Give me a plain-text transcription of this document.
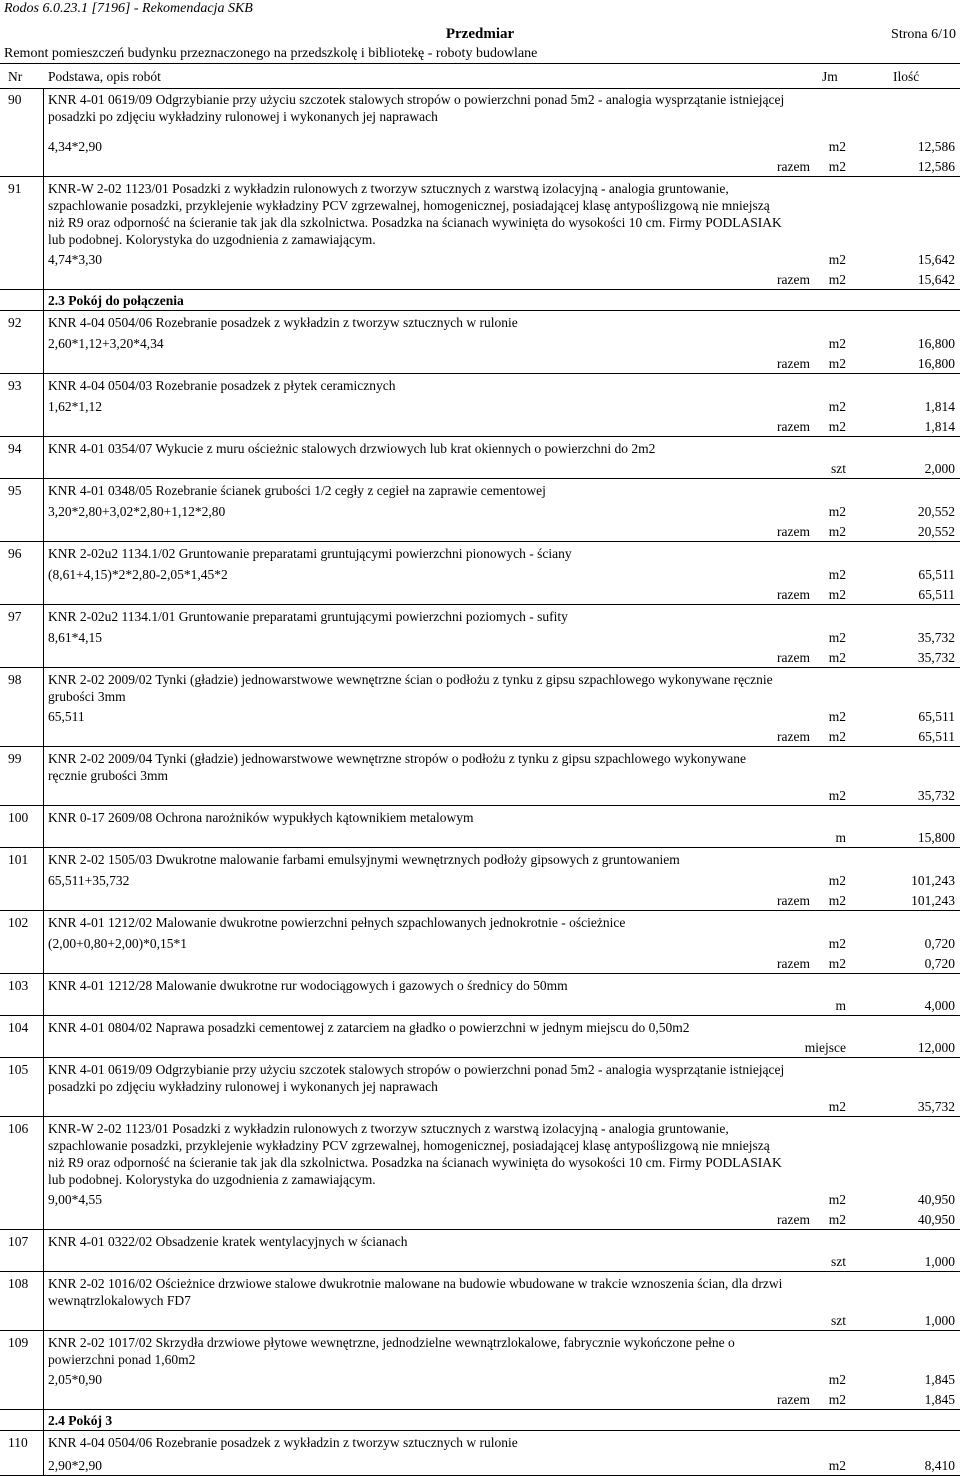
Rodos 6.0.23.1 [7196] - Rekomendacja SKB
Przedmiar	Strona 6/10
Remont pomieszczeń budynku przeznaczonego na przedszkolę i bibliotekę - roboty budowlane
Nr Podstawa, opis robót	Jm	Ilość
90	KNR 4-01 0619/09 Odgrzybianie przy użyciu szczotek stalowych stropów o powierzchni ponad 5m2 - analogia wysprzątanie istniejącej posadzki po zdjęciu wykładziny rulonowej i wykonanych jej naprawach
4,34*2,90	m2	12,586
razem m2	12,586
91	KNR-W 2-02 1123/01 Posadzki z wykładzin rulonowych z tworzyw sztucznych z warstwą izolacyjną - analogia gruntowanie, szpachlowanie posadzki, przyklejenie wykładziny PCV zgrzewalnej, homogenicznej, posiadającej klasę antypoślizgową nie mniejszą niż R9 oraz odporność na ścieranie tak jak dla szkolnictwa. Posadzka na ścianach wywinięta do wysokości 10 cm. Firmy PODLASIAK lub podobnej. Kolorystyka do uzgodnienia z zamawiającym.
4,74*3,30	m2	15,642
razem m2	15,642
2.3 Pokój do połączenia
92	KNR 4-04 0504/06 Rozebranie posadzek z wykładzin z tworzyw sztucznych w rulonie
2,60*1,12+3,20*4,34	m2	16,800
razem m2	16,800
93	KNR 4-04 0504/03 Rozebranie posadzek z płytek ceramicznych
1,62*1,12	m2	1,814
razem m2	1,814
94	KNR 4-01 0354/07 Wykucie z muru ościeżnic stalowych drzwiowych lub krat okiennych o powierzchni do 2m2
szt	2,000
95	KNR 4-01 0348/05 Rozebranie ścianek grubości 1/2 cegły z cegieł na zaprawie cementowej
3,20*2,80+3,02*2,80+1,12*2,80	m2	20,552
razem m2	20,552
96	KNR 2-02u2 1134.1/02 Gruntowanie preparatami gruntującymi powierzchni pionowych - ściany
(8,61+4,15)*2*2,80-2,05*1,45*2	m2	65,511
razem m2	65,511
97	KNR 2-02u2 1134.1/01 Gruntowanie preparatami gruntującymi powierzchni poziomych - sufity
8,61*4,15	m2	35,732
razem m2	35,732
98	KNR 2-02 2009/02 Tynki (gładzie) jednowarstwowe wewnętrzne ścian o podłożu z tynku z gipsu szpachlowego wykonywane ręcznie grubości 3mm
65,511	m2	65,511
razem m2	65,511
99	KNR 2-02 2009/04 Tynki (gładzie) jednowarstwowe wewnętrzne stropów o podłożu z tynku z gipsu szpachlowego wykonywane ręcznie grubości 3mm
m2	35,732
100	KNR 0-17 2609/08 Ochrona narożników wypukłych kątownikiem metalowym
m	15,800
101	KNR 2-02 1505/03 Dwukrotne malowanie farbami emulsyjnymi wewnętrznych podłoży gipsowych z gruntowaniem
65,511+35,732	m2	101,243
razem m2	101,243
102	KNR 4-01 1212/02 Malowanie dwukrotne powierzchni pełnych szpachlowanych jednokrotnie - ościeżnice
(2,00+0,80+2,00)*0,15*1	m2	0,720
razem m2	0,720
103	KNR 4-01 1212/28 Malowanie dwukrotne rur wodociągowych i gazowych o średnicy do 50mm
m	4,000
104	KNR 4-01 0804/02 Naprawa posadzki cementowej z zatarciem na gładko o powierzchni w jednym miejscu do 0,50m2
miejsce	12,000
105	KNR 4-01 0619/09 Odgrzybianie przy użyciu szczotek stalowych stropów o powierzchni ponad 5m2 - analogia wysprzątanie istniejącej posadzki po zdjęciu wykładziny rulonowej i wykonanych jej naprawach
m2	35,732
106	KNR-W 2-02 1123/01 Posadzki z wykładzin rulonowych z tworzyw sztucznych z warstwą izolacyjną - analogia gruntowanie, szpachlowanie posadzki, przyklejenie wykładziny PCV zgrzewalnej, homogenicznej, posiadającej klasę antypoślizgową nie mniejszą niż R9 oraz odporność na ścieranie tak jak dla szkolnictwa. Posadzka na ścianach wywinięta do wysokości 10 cm. Firmy PODLASIAK lub podobnej. Kolorystyka do uzgodnienia z zamawiającym.
9,00*4,55	m2	40,950
razem m2	40,950
107	KNR 4-01 0322/02 Obsadzenie kratek wentylacyjnych w ścianach
szt	1,000
108	KNR 2-02 1016/02 Ościeżnice drzwiowe stalowe dwukrotnie malowane na budowie wbudowane w trakcie wznoszenia ścian, dla drzwi wewnątrzlokalowych FD7
szt	1,000
109	KNR 2-02 1017/02 Skrzydła drzwiowe płytowe wewnętrzne, jednodzielne wewnątrzlokalowe, fabrycznie wykończone pełne o powierzchni ponad 1,60m2
2,05*0,90	m2	1,845
razem m2	1,845
2.4 Pokój 3
110	KNR 4-04 0504/06 Rozebranie posadzek z wykładzin z tworzyw sztucznych w rulonie
2,90*2,90	m2	8,410
